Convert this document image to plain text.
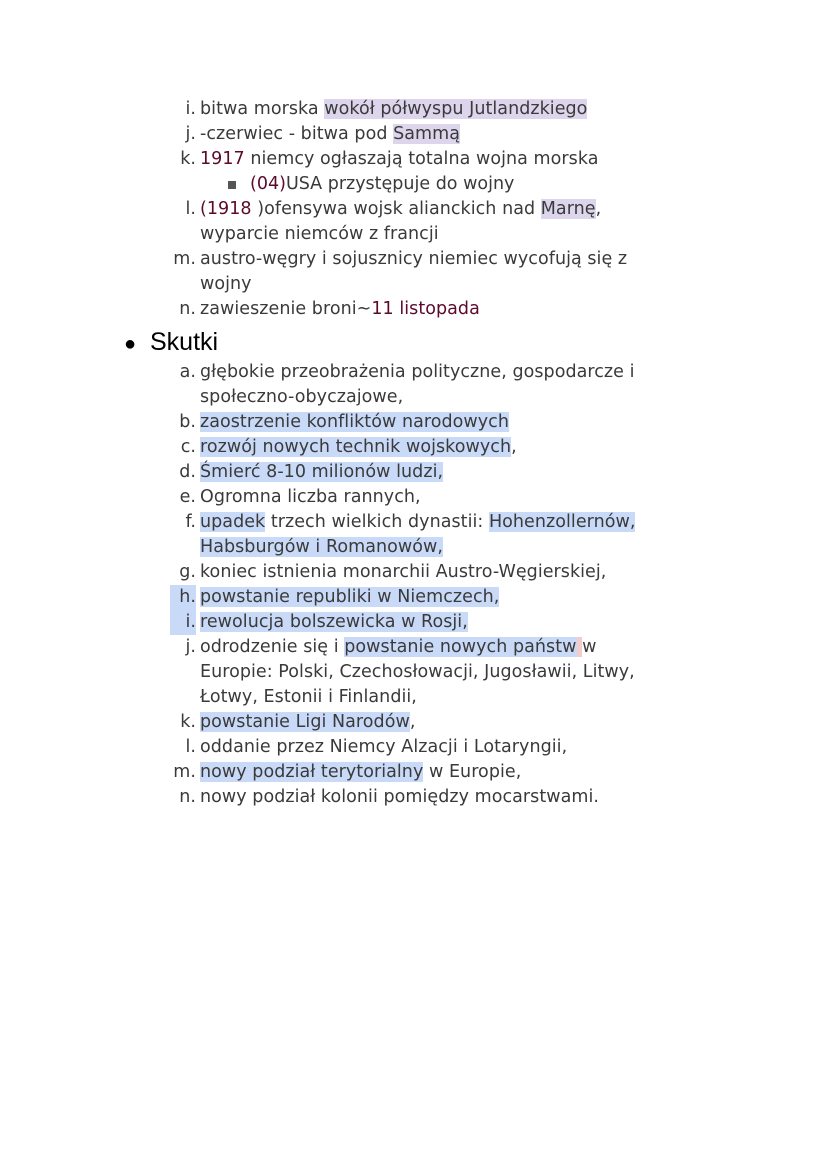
i. bitwa morska wokół półwyspu Jutlandzkiego
j. -czerwiec - bitwa pod Sammą
k. 1917 niemcy ogłaszają totalna wojna morska
(04)USA przystępuje do wojny
l. (1918 )ofensywa wojsk alianckich nad Marnę,
wyparcie niemców z francji
m. austro-węgry i sojusznicy niemiec wycofują się z
wojny
n. zawieszenie broni~11 listopada
● Skutki
a. głębokie przeobrażenia polityczne, gospodarcze i
społeczno-obyczajowe,
b. zaostrzenie konfliktów narodowych
c. rozwój nowych technik wojskowych,
d. Śmierć 8-10 milionów ludzi,
e. Ogromna liczba rannych,
f. upadek trzech wielkich dynastii: Hohenzollernów,
Habsburgów i Romanowów,
g. koniec istnienia monarchii Austro-Węgierskiej,
h. powstanie republiki w Niemczech,
i. rewolucja bolszewicka w Rosji,
j. odrodzenie się i powstanie nowych państw w
Europie: Polski, Czechosłowacji, Jugosławii, Litwy,
Łotwy, Estonii i Finlandii,
k. powstanie Ligi Narodów,
l. oddanie przez Niemcy Alzacji i Lotaryngii,
m. nowy podział terytorialny w Europie,
n. nowy podział kolonii pomiędzy mocarstwami.
